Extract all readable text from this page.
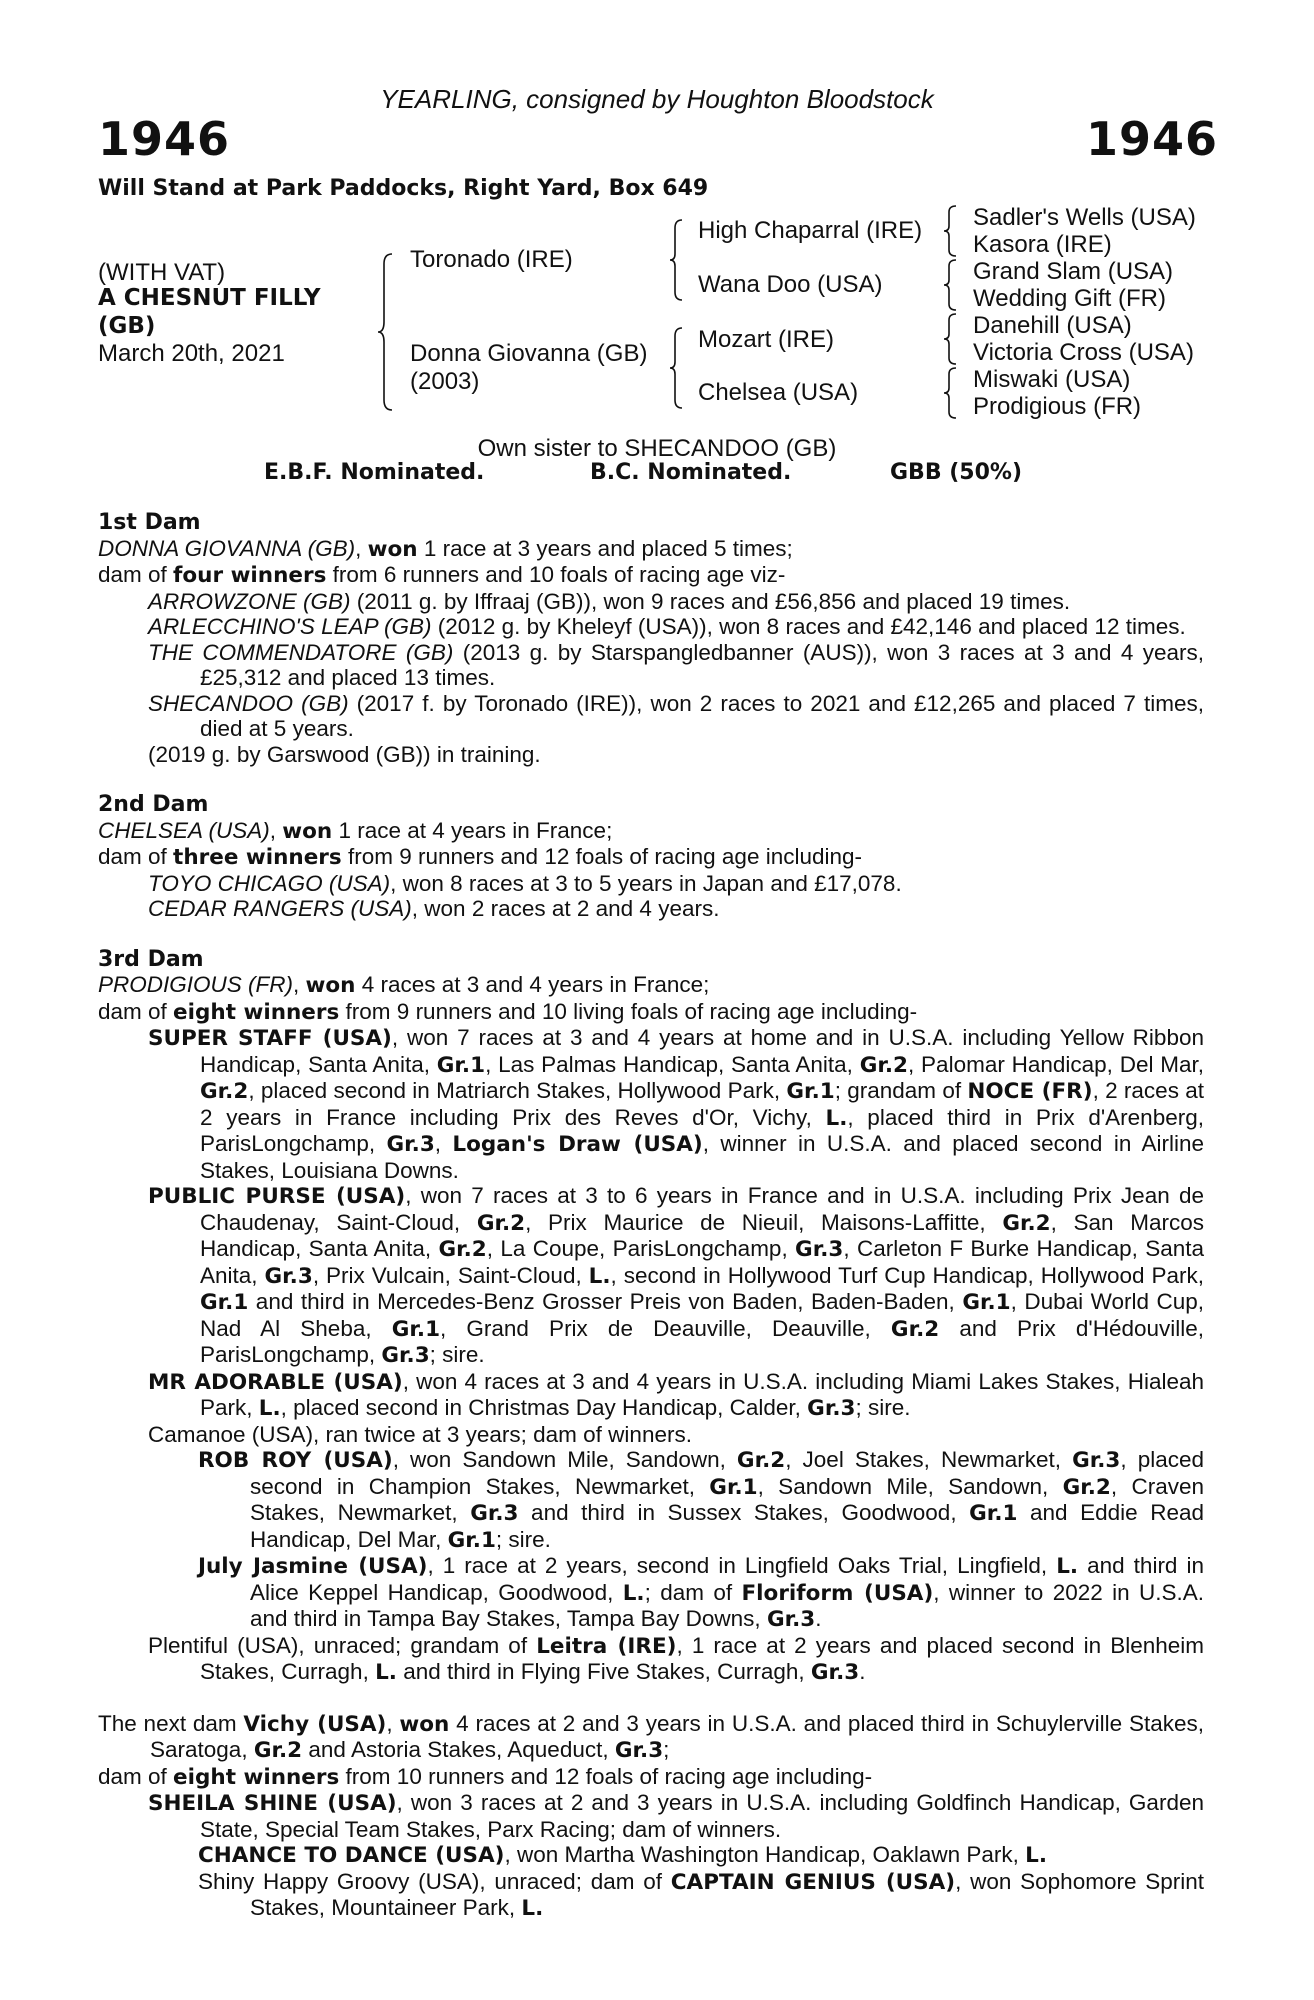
YEARLING, consigned by Houghton Bloodstock
1946	1946
Will Stand at Park Paddocks, Right Yard, Box 649
(WITH VAT)
A CHESNUT FILLY
(GB)
March 20th, 2021
Toronado (IRE)
Donna Giovanna (GB)
(2003)
High Chaparral (IRE)
Wana Doo (USA)
Mozart (IRE)
Chelsea (USA)
Sadler's Wells (USA)
Kasora (IRE)
Grand Slam (USA)
Wedding Gift (FR)
Danehill (USA)
Victoria Cross (USA)
Miswaki (USA)
Prodigious (FR)
Own sister to SHECANDOO (GB)
E.B.F. Nominated.	B.C. Nominated.	GBB (50%)

1st Dam

DONNA GIOVANNA (GB), won 1 race at 3 years and placed 5 times;

dam of four winners from 6 runners and 10 foals of racing age viz-

ARROWZONE (GB) (2011 g. by Iffraaj (GB)), won 9 races and £56,856 and placed 19 times.

ARLECCHINO'S LEAP (GB) (2012 g. by Kheleyf (USA)), won 8 races and £42,146 and placed 12 times.

THE COMMENDATORE (GB) (2013 g. by Starspangledbanner (AUS)), won 3 races at 3 and 4 years, £25,312 and placed 13 times.

SHECANDOO (GB) (2017 f. by Toronado (IRE)), won 2 races to 2021 and £12,265 and placed 7 times, died at 5 years.

(2019 g. by Garswood (GB)) in training.

2nd Dam

CHELSEA (USA), won 1 race at 4 years in France;

dam of three winners from 9 runners and 12 foals of racing age including-

TOYO CHICAGO (USA), won 8 races at 3 to 5 years in Japan and £17,078.

CEDAR RANGERS (USA), won 2 races at 2 and 4 years.

3rd Dam

PRODIGIOUS (FR), won 4 races at 3 and 4 years in France;

dam of eight winners from 9 runners and 10 living foals of racing age including-

SUPER STAFF (USA), won 7 races at 3 and 4 years at home and in U.S.A. including Yellow Ribbon Handicap, Santa Anita, Gr.1, Las Palmas Handicap, Santa Anita, Gr.2, Palomar Handicap, Del Mar, Gr.2, placed second in Matriarch Stakes, Hollywood Park, Gr.1; grandam of NOCE (FR), 2 races at 2 years in France including Prix des Reves d'Or, Vichy, L., placed third in Prix d'Arenberg, ParisLongchamp, Gr.3, Logan's Draw (USA), winner in U.S.A. and placed second in Airline Stakes, Louisiana Downs.

PUBLIC PURSE (USA), won 7 races at 3 to 6 years in France and in U.S.A. including Prix Jean de Chaudenay, Saint-Cloud, Gr.2, Prix Maurice de Nieuil, Maisons-Laffitte, Gr.2, San Marcos Handicap, Santa Anita, Gr.2, La Coupe, ParisLongchamp, Gr.3, Carleton F Burke Handicap, Santa Anita, Gr.3, Prix Vulcain, Saint-Cloud, L., second in Hollywood Turf Cup Handicap, Hollywood Park, Gr.1 and third in Mercedes-Benz Grosser Preis von Baden, Baden-Baden, Gr.1, Dubai World Cup, Nad Al Sheba, Gr.1, Grand Prix de Deauville, Deauville, Gr.2 and Prix d'Hédouville, ParisLongchamp, Gr.3; sire.

MR ADORABLE (USA), won 4 races at 3 and 4 years in U.S.A. including Miami Lakes Stakes, Hialeah Park, L., placed second in Christmas Day Handicap, Calder, Gr.3; sire.

Camanoe (USA), ran twice at 3 years; dam of winners.

ROB ROY (USA), won Sandown Mile, Sandown, Gr.2, Joel Stakes, Newmarket, Gr.3, placed second in Champion Stakes, Newmarket, Gr.1, Sandown Mile, Sandown, Gr.2, Craven Stakes, Newmarket, Gr.3 and third in Sussex Stakes, Goodwood, Gr.1 and Eddie Read Handicap, Del Mar, Gr.1; sire.

July Jasmine (USA), 1 race at 2 years, second in Lingfield Oaks Trial, Lingfield, L. and third in Alice Keppel Handicap, Goodwood, L.; dam of Floriform (USA), winner to 2022 in U.S.A. and third in Tampa Bay Stakes, Tampa Bay Downs, Gr.3.

Plentiful (USA), unraced; grandam of Leitra (IRE), 1 race at 2 years and placed second in Blenheim Stakes, Curragh, L. and third in Flying Five Stakes, Curragh, Gr.3.

The next dam Vichy (USA), won 4 races at 2 and 3 years in U.S.A. and placed third in Schuylerville Stakes, Saratoga, Gr.2 and Astoria Stakes, Aqueduct, Gr.3;

dam of eight winners from 10 runners and 12 foals of racing age including-

SHEILA SHINE (USA), won 3 races at 2 and 3 years in U.S.A. including Goldfinch Handicap, Garden State, Special Team Stakes, Parx Racing; dam of winners.

CHANCE TO DANCE (USA), won Martha Washington Handicap, Oaklawn Park, L.

Shiny Happy Groovy (USA), unraced; dam of CAPTAIN GENIUS (USA), won Sophomore Sprint Stakes, Mountaineer Park, L.
